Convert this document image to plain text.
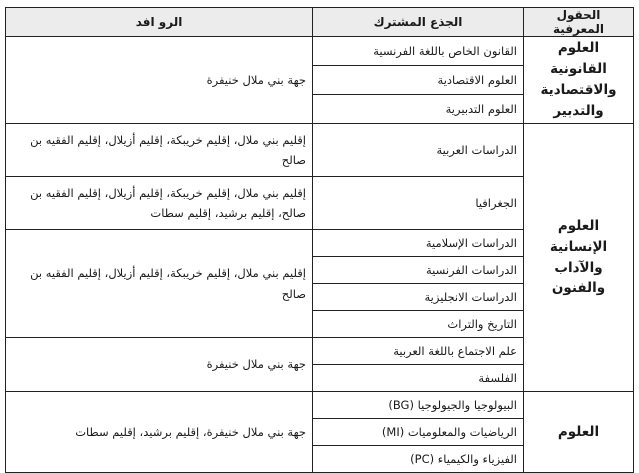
الحقول المعرفية	الجذع المشترك	الرو افد
العلوم القانونية والاقتصادية والتدبير	القانون الخاص باللغة الفرنسية	جهة بني ملال خنيفرة
	العلوم الاقتصادية	
	العلوم التدبيرية	
العلوم الإنسانية والآداب والفنون	الدراسات العربية	إقليم بني ملال، إقليم خريبكة، إقليم أزيلال، إقليم الفقيه بن صالح
	الجغرافيا	إقليم بني ملال، إقليم خريبكة، إقليم أزيلال، إقليم الفقيه بن صالح، إقليم برشيد، إقليم سطات
	الدراسات الإسلامية	إقليم بني ملال، إقليم خريبكة، إقليم أزيلال، إقليم الفقيه بن صالح
	الدراسات الفرنسية	
	الدراسات الانجليزية	
	التاريخ والتراث	
	علم الاجتماع باللغة العربية	جهة بني ملال خنيفرة
	الفلسفة	
العلوم	البيولوجيا والجيولوجيا (BG)	جهة بني ملال خنيفرة، إقليم برشيد، إقليم سطات
	الرياضيات والمعلوميات (MI)	
	الفيزياء والكيمياء (PC)	
